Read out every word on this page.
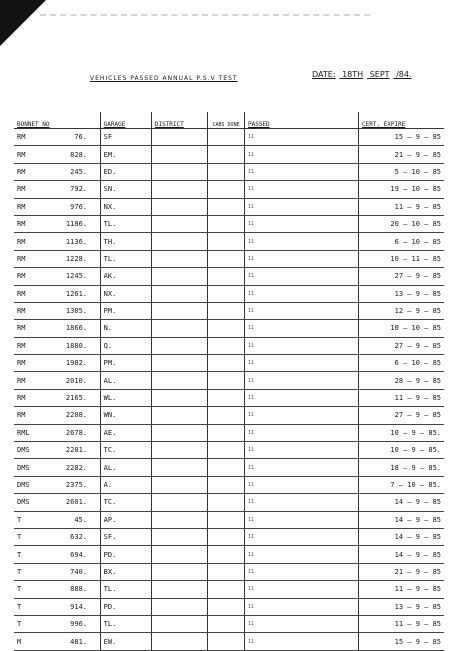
VEHICLES PASSED ANNUAL P.S.V TEST	DATE: 18TH SEPT /84.
BONNET NO	GARAGE	DISTRICT	CABS DONE	PASSED	CERT. EXPIRE
RM 76.	SF			11	15 — 9 — 85
RM 828.	EM.			11	21 — 9 — 85
RM 245.	ED.			11	5 — 10 — 85
RM 792.	SN.			11	19 — 10 — 85
RM 976.	NX.			11	11 — 9 — 85
RM 1186.	TL.			11	20 — 10 — 85
RM 1136.	TH.			11	6 — 10 — 85
RM 1228.	TL.			11	10 — 11 — 85
RM 1245.	AK.			11	27 — 9 — 85
RM 1261.	NX.			11	13 — 9 — 85
RM 1305.	PM.			11	12 — 9 — 85
RM 1866.	N.			11	10 — 10 — 85
RM 1880.	Q.			11	27 — 9 — 85
RM 1982.	PM.			11	6 — 10 — 85
RM 2010.	AL.			11	28 — 9 — 85
RM 2165.	WL.			11	11 — 9 — 85
RM 2208.	WN.			11	27 — 9 — 85
RML 2678.	AE.			11	10 — 9 — 85.
DMS 2281.	TC.			11	10 — 9 — 85.
DMS 2282.	AL.			11	18 — 9 — 85.
DMS 2375.	A.			11	7 — 10 — 85.
DMS 2601.	TC.			11	14 — 9 — 85
T 45.	AP.			11	14 — 9 — 85
T 632.	SF.			11	14 — 9 — 85
T 694.	PD.			11	14 — 9 — 85
T 740.	BX.			11	21 — 9 — 85
T 888.	TL.			11	11 — 9 — 85
T 914.	PD.			11	13 — 9 — 85
T 996.	TL.			11	11 — 9 — 85
M 481.	EW.			11	15 — 9 — 85
